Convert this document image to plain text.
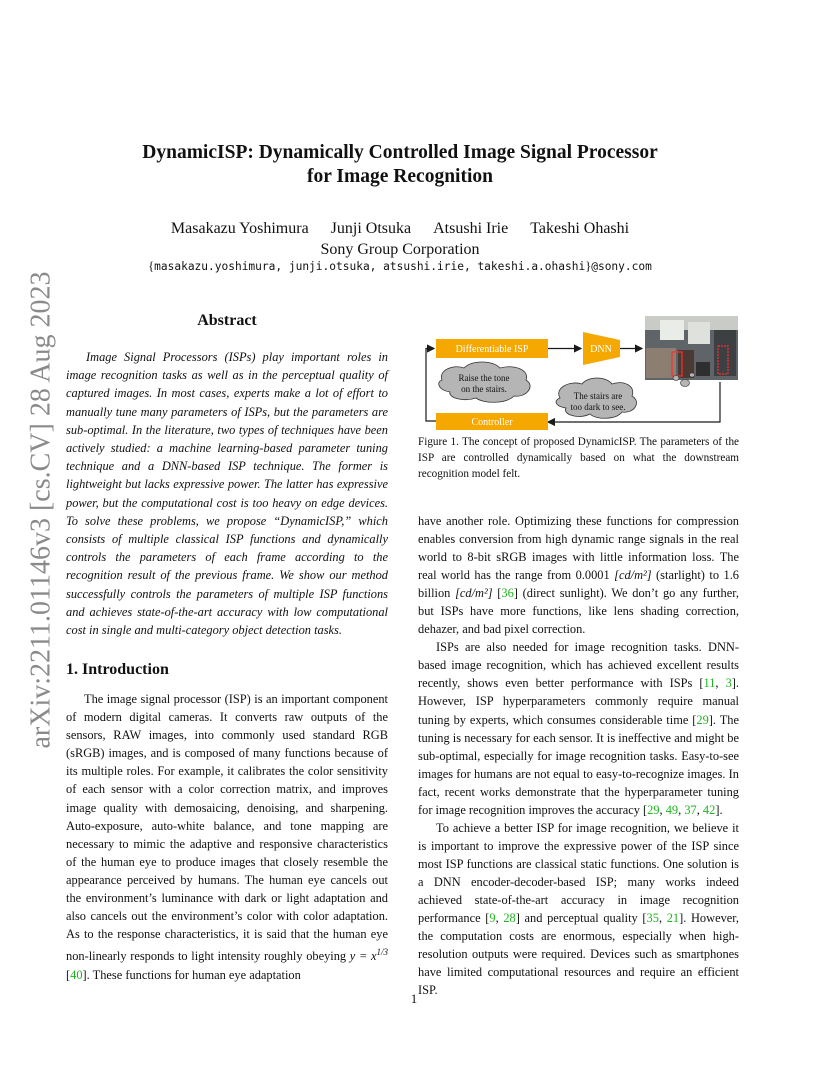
arXiv:2211.01146v3 [cs.CV] 28 Aug 2023
DynamicISP: Dynamically Controlled Image Signal Processor
for Image Recognition
Masakazu Yoshimura Junji Otsuka Atsushi Irie Takeshi Ohashi
Sony Group Corporation
{masakazu.yoshimura, junji.otsuka, atsushi.irie, takeshi.a.ohashi}@sony.com
Abstract

Image Signal Processors (ISPs) play important roles in image recognition tasks as well as in the perceptual quality of captured images. In most cases, experts make a lot of effort to manually tune many parameters of ISPs, but the parameters are sub-optimal. In the literature, two types of techniques have been actively studied: a machine learning-based parameter tuning technique and a DNN-based ISP technique. The former is lightweight but lacks expressive power. The latter has expressive power, but the computational cost is too heavy on edge devices. To solve these problems, we propose “DynamicISP,” which consists of multiple classical ISP functions and dynamically controls the parameters of each frame according to the recognition result of the previous frame. We show our method successfully controls the parameters of multiple ISP functions and achieves state-of-the-art accuracy with low computational cost in single and multi-category object detection tasks.

1. Introduction

The image signal processor (ISP) is an important component of modern digital cameras. It converts raw outputs of the sensors, RAW images, into commonly used standard RGB (sRGB) images, and is composed of many functions because of its multiple roles. For example, it calibrates the color sensitivity of each sensor with a color correction matrix, and improves image quality with demosaicing, denoising, and sharpening. Auto-exposure, auto-white balance, and tone mapping are necessary to mimic the adaptive and responsive characteristics of the human eye to produce images that closely resemble the appearance perceived by humans. The human eye cancels out the environment’s luminance with dark or light adaptation and also cancels out the environment’s color with color adaptation. As to the response characteristics, it is said that the human eye non-linearly responds to light intensity roughly obeying $y = x^{1/3}$ [40]. These functions for human eye adaptation

Differentiable ISP	DNN
The stairs are
too dark to see.
Raise the tone
on the stairs.
Controller
Figure 1. The concept of proposed DynamicISP. The parameters of the ISP are controlled dynamically based on what the downstream recognition model felt.

have another role. Optimizing these functions for compression enables conversion from high dynamic range signals in the real world to 8-bit sRGB images with little information loss. The real world has the range from 0.0001 [cd/m²] (starlight) to 1.6 billion [cd/m²] [36] (direct sunlight). We don’t go any further, but ISPs have more functions, like lens shading correction, dehazer, and bad pixel correction.

ISPs are also needed for image recognition tasks. DNN-based image recognition, which has achieved excellent results recently, shows even better performance with ISPs [11, 3]. However, ISP hyperparameters commonly require manual tuning by experts, which consumes considerable time [29]. The tuning is necessary for each sensor. It is ineffective and might be sub-optimal, especially for image recognition tasks. Easy-to-see images for humans are not equal to easy-to-recognize images. In fact, recent works demonstrate that the hyperparameter tuning for image recognition improves the accuracy [29, 49, 37, 42].

To achieve a better ISP for image recognition, we believe it is important to improve the expressive power of the ISP since most ISP functions are classical static functions. One solution is a DNN encoder-decoder-based ISP; many works indeed achieved state-of-the-art accuracy in image recognition performance [9, 28] and perceptual quality [35, 21]. However, the computation costs are enormous, especially when high-resolution outputs were required. Devices such as smartphones have limited computational resources and require an efficient ISP.

1
